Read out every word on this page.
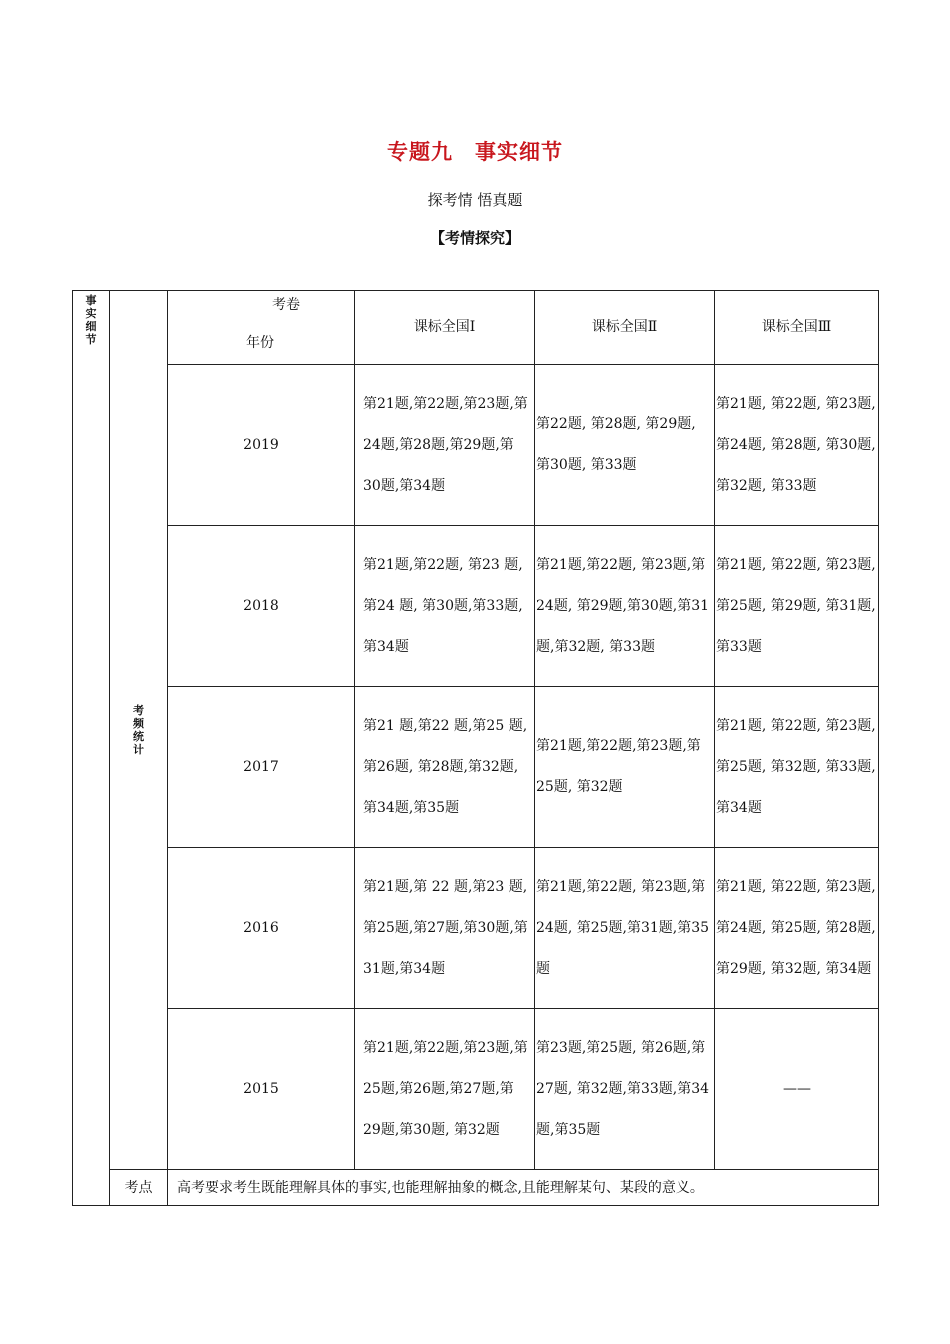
专题九　事实细节
探考情 悟真题
【考情探究】
事
实
细
节	考
频
统
计	考卷
年份	课标全国Ⅰ	课标全国Ⅱ	课标全国Ⅲ
		2019	第21题,第22题,第23题,第24题,第28题,第29题,第30题,第34题	第22题, 第28题, 第29题, 第30题, 第33题	第21题, 第22题, 第23题, 第24题, 第28题, 第30题, 第32题, 第33题
		2018	第21题,第22题, 第23 题,第24 题, 第30题,第33题,第34题	第21题,第22题, 第23题,第24题, 第29题,第30题,第31题,第32题, 第33题	第21题, 第22题, 第23题, 第25题, 第29题, 第31题, 第33题
		2017	第21 题,第22 题,第25 题,第26题, 第28题,第32题,第34题,第35题	第21题,第22题,第23题,第25题, 第32题	第21题, 第22题, 第23题, 第25题, 第32题, 第33题, 第34题
		2016	第21题,第 22 题,第23 题,第25题,第27题,第30题,第31题,第34题	第21题,第22题, 第23题,第24题, 第25题,第31题,第35题	第21题, 第22题, 第23题, 第24题, 第25题, 第28题, 第29题, 第32题, 第34题
		2015	第21题,第22题,第23题,第25题,第26题,第27题,第29题,第30题, 第32题	第23题,第25题, 第26题,第27题, 第32题,第33题,第34题,第35题	——
	考点	高考要求考生既能理解具体的事实,也能理解抽象的概念,且能理解某句、某段的意义。			
